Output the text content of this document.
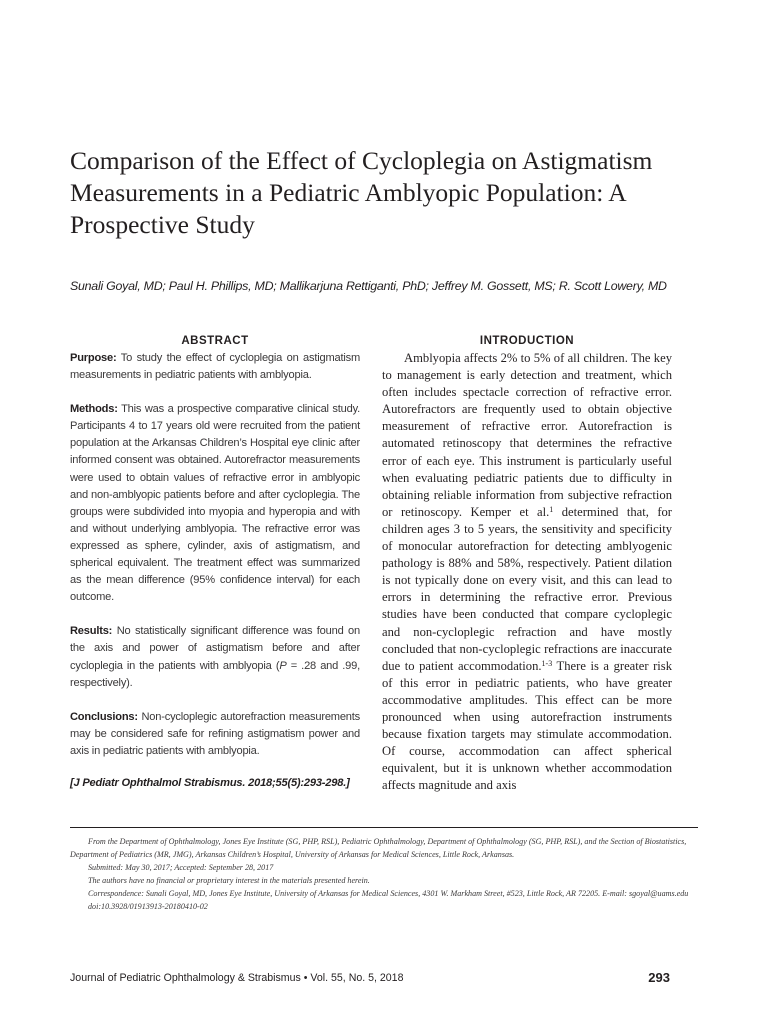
Comparison of the Effect of Cycloplegia on Astigmatism Measurements in a Pediatric Amblyopic Population: A Prospective Study
Sunali Goyal, MD; Paul H. Phillips, MD; Mallikarjuna Rettiganti, PhD; Jeffrey M. Gossett, MS; R. Scott Lowery, MD
ABSTRACT

Purpose: To study the effect of cycloplegia on astigmatism measurements in pediatric patients with amblyopia.

Methods: This was a prospective comparative clinical study. Participants 4 to 17 years old were recruited from the patient population at the Arkansas Children’s Hospital eye clinic after informed consent was obtained. Autorefractor measurements were used to obtain values of refractive error in amblyopic and non-amblyopic patients before and after cycloplegia. The groups were subdivided into myopia and hyperopia and with and without underlying amblyopia. The refractive error was expressed as sphere, cylinder, axis of astigmatism, and spherical equivalent. The treatment effect was summarized as the mean difference (95% confidence interval) for each outcome.

Results: No statistically significant difference was found on the axis and power of astigmatism before and after cycloplegia in the patients with amblyopia (P = .28 and .99, respectively).

Conclusions: Non-cycloplegic autorefraction measurements may be considered safe for refining astigmatism power and axis in pediatric patients with amblyopia.

[J Pediatr Ophthalmol Strabismus. 2018;55(5):293-298.]

INTRODUCTION

Amblyopia affects 2% to 5% of all children. The key to management is early detection and treatment, which often includes spectacle correction of refractive error. Autorefractors are frequently used to obtain objective measurement of refractive error. Autorefraction is automated retinoscopy that determines the refractive error of each eye. This instrument is particularly useful when evaluating pediatric patients due to difficulty in obtaining reliable information from subjective refraction or retinoscopy. Kemper et al.$^1$ determined that, for children ages 3 to 5 years, the sensitivity and specificity of monocular autorefraction for detecting amblyogenic pathology is 88% and 58%, respectively. Patient dilation is not typically done on every visit, and this can lead to errors in determining the refractive error. Previous studies have been conducted that compare cycloplegic and non-cycloplegic refraction and have mostly concluded that non-cycloplegic refractions are inaccurate due to patient accommodation.$^{1-3}$ There is a greater risk of this error in pediatric patients, who have greater accommodative amplitudes. This effect can be more pronounced when using autorefraction instruments because fixation targets may stimulate accommodation. Of course, accommodation can affect spherical equivalent, but it is unknown whether accommodation affects magnitude and axis

From the Department of Ophthalmology, Jones Eye Institute (SG, PHP, RSL), Pediatric Ophthalmology, Department of Ophthalmology (SG, PHP, RSL), and the Section of Biostatistics, Department of Pediatrics (MR, JMG), Arkansas Children’s Hospital, University of Arkansas for Medical Sciences, Little Rock, Arkansas.
Submitted: May 30, 2017; Accepted: September 28, 2017
The authors have no financial or proprietary interest in the materials presented herein.
Correspondence: Sunali Goyal, MD, Jones Eye Institute, University of Arkansas for Medical Sciences, 4301 W. Markham Street, #523, Little Rock, AR 72205. E-mail: sgoyal@uams.edu
doi:10.3928/01913913-20180410-02
Journal of Pediatric Ophthalmology & Strabismus • Vol. 55, No. 5, 2018	293
